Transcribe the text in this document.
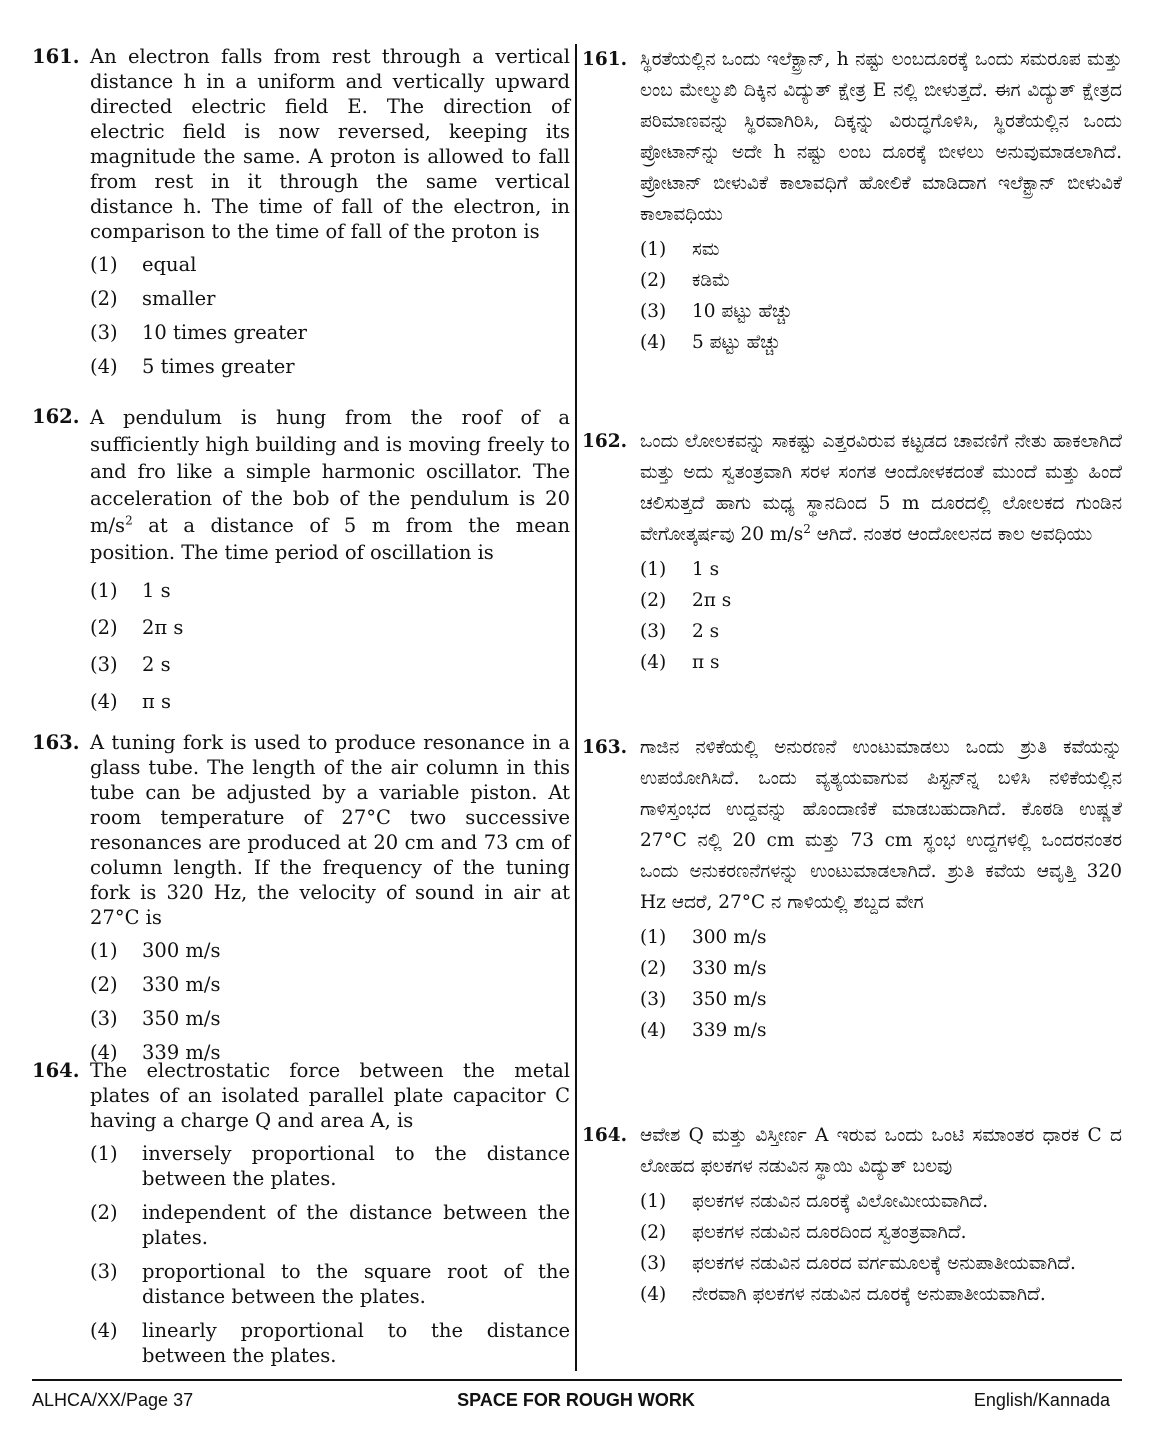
161. An electron falls from rest through a vertical distance h in a uniform and vertically upward directed electric field E. The direction of electric field is now reversed, keeping its magnitude the same. A proton is allowed to fall from rest in it through the same vertical distance h. The time of fall of the electron, in comparison to the time of fall of the proton is
(1)	equal
(2)	smaller
(3)	10 times greater
(4)	5 times greater
162. A pendulum is hung from the roof of a sufficiently high building and is moving freely to and fro like a simple harmonic oscillator. The acceleration of the bob of the pendulum is 20 $m/s^2$ at a distance of 5 m from the mean position. The time period of oscillation is
(1)	1 s
(2)	2π s
(3)	2 s
(4)	π s
163. A tuning fork is used to produce resonance in a glass tube. The length of the air column in this tube can be adjusted by a variable piston. At room temperature of 27°C two successive resonances are produced at 20 cm and 73 cm of column length. If the frequency of the tuning fork is 320 Hz, the velocity of sound in air at 27°C is
(1)	300 m/s
(2)	330 m/s
(3)	350 m/s
(4)	339 m/s
164. The electrostatic force between the metal plates of an isolated parallel plate capacitor C having a charge Q and area A, is
(1)	inversely proportional to the distance between the plates.
(2)	independent of the distance between the plates.
(3)	proportional to the square root of the distance between the plates.
(4)	linearly proportional to the distance between the plates.
161. ಸ್ಥಿರತೆಯಲ್ಲಿನ ಒಂದು ಇಲೆಕ್ಟ್ರಾನ್, h ನಷ್ಟು ಲಂಬದೂರಕ್ಕೆ ಒಂದು ಸಮರೂಪ ಮತ್ತು ಲಂಬ ಮೇಲ್ಮುಖಿ ದಿಕ್ಕಿನ ವಿದ್ಯುತ್ ಕ್ಷೇತ್ರ E ನಲ್ಲಿ ಬೀಳುತ್ತದೆ. ಈಗ ವಿದ್ಯುತ್ ಕ್ಷೇತ್ರದ ಪರಿಮಾಣವನ್ನು ಸ್ಥಿರವಾಗಿರಿಸಿ, ದಿಕ್ಕನ್ನು ವಿರುದ್ಧಗೊಳಿಸಿ, ಸ್ಥಿರತೆಯಲ್ಲಿನ ಒಂದು ಪ್ರೋಟಾನ್‌ನ್ನು ಅದೇ h ನಷ್ಟು ಲಂಬ ದೂರಕ್ಕೆ ಬೀಳಲು ಅನುವುಮಾಡಲಾಗಿದೆ. ಪ್ರೋಟಾನ್ ಬೀಳುವಿಕೆ ಕಾಲಾವಧಿಗೆ ಹೋಲಿಕೆ ಮಾಡಿದಾಗ ಇಲೆಕ್ಟ್ರಾನ್ ಬೀಳುವಿಕೆ ಕಾಲಾವಧಿಯು
(1)	ಸಮ
(2)	ಕಡಿಮೆ
(3)	10 ಪಟ್ಟು ಹೆಚ್ಚು
(4)	5 ಪಟ್ಟು ಹೆಚ್ಚು
162. ಒಂದು ಲೋಲಕವನ್ನು ಸಾಕಷ್ಟು ಎತ್ತರವಿರುವ ಕಟ್ಟಡದ ಚಾವಣಿಗೆ ನೇತು ಹಾಕಲಾಗಿದೆ ಮತ್ತು ಅದು ಸ್ವತಂತ್ರವಾಗಿ ಸರಳ ಸಂಗತ ಆಂದೋಳಕದಂತೆ ಮುಂದೆ ಮತ್ತು ಹಿಂದೆ ಚಲಿಸುತ್ತದೆ ಹಾಗು ಮಧ್ಯ ಸ್ಥಾನದಿಂದ 5 m ದೂರದಲ್ಲಿ ಲೋಲಕದ ಗುಂಡಿನ ವೇಗೋತ್ಕರ್ಷವು 20 $m/s^2$ ಆಗಿದೆ. ನಂತರ ಆಂದೋಲನದ ಕಾಲ ಅವಧಿಯು
(1)	1 s
(2)	2π s
(3)	2 s
(4)	π s
163. ಗಾಜಿನ ನಳಿಕೆಯಲ್ಲಿ ಅನುರಣನೆ ಉಂಟುಮಾಡಲು ಒಂದು ಶ್ರುತಿ ಕವೆಯನ್ನು ಉಪಯೋಗಿಸಿದೆ. ಒಂದು ವ್ಯತ್ಯಯವಾಗುವ ಪಿಸ್ಟನ್‌ನ್ನ ಬಳಿಸಿ ನಳಿಕೆಯಲ್ಲಿನ ಗಾಳಿಸ್ತಂಭದ ಉದ್ದವನ್ನು ಹೊಂದಾಣಿಕೆ ಮಾಡಬಹುದಾಗಿದೆ. ಕೊಠಡಿ ಉಷ್ಣತೆ 27°C ನಲ್ಲಿ 20 cm ಮತ್ತು 73 cm ಸ್ಥಂಭ ಉದ್ದಗಳಲ್ಲಿ ಒಂದರನಂತರ ಒಂದು ಅನುಕರಣನೆಗಳನ್ನು ಉಂಟುಮಾಡಲಾಗಿದೆ. ಶ್ರುತಿ ಕವೆಯ ಆವೃತ್ತಿ 320 Hz ಆದರೆ, 27°C ನ ಗಾಳಿಯಲ್ಲಿ ಶಬ್ದದ ವೇಗ
(1)	300 m/s
(2)	330 m/s
(3)	350 m/s
(4)	339 m/s
164. ಆವೇಶ Q ಮತ್ತು ವಿಸ್ತೀರ್ಣ A ಇರುವ ಒಂದು ಒಂಟಿ ಸಮಾಂತರ ಧಾರಕ C ದ ಲೋಹದ ಫಲಕಗಳ ನಡುವಿನ ಸ್ಥಾಯಿ ವಿದ್ಯುತ್ ಬಲವು
(1)	ಫಲಕಗಳ ನಡುವಿನ ದೂರಕ್ಕೆ ವಿಲೋಮೀಯವಾಗಿದೆ.
(2)	ಫಲಕಗಳ ನಡುವಿನ ದೂರದಿಂದ ಸ್ವತಂತ್ರವಾಗಿದೆ.
(3)	ಫಲಕಗಳ ನಡುವಿನ ದೂರದ ವರ್ಗಮೂಲಕ್ಕೆ ಅನುಪಾತೀಯವಾಗಿದೆ.
(4)	ನೇರವಾಗಿ ಫಲಕಗಳ ನಡುವಿನ ದೂರಕ್ಕೆ ಅನುಪಾತೀಯವಾಗಿದೆ.
ALHCA/XX/Page 37	SPACE FOR ROUGH WORK	English/Kannada
